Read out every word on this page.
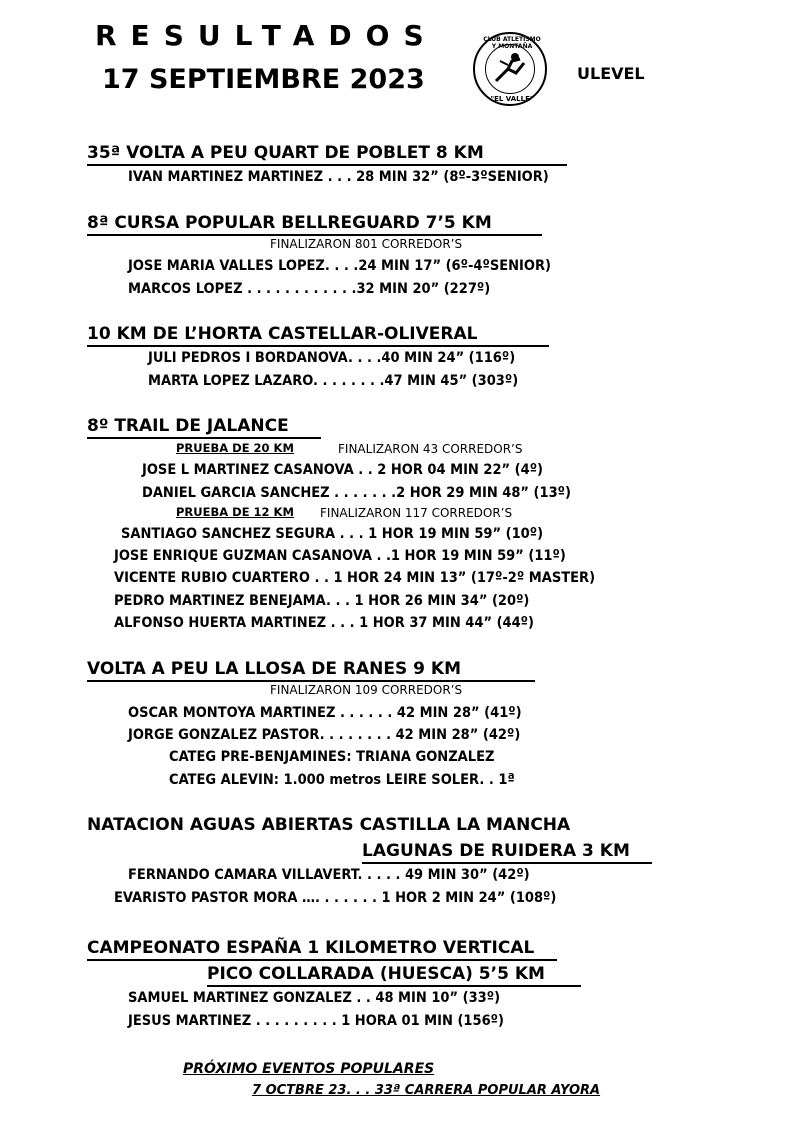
RESULTADOS
17 SEPTIEMBRE 2023
CLUB ATLETISMO Y MONTAÑA
"EL VALLE"
ULEVEL
35ª VOLTA A PEU QUART DE POBLET 8 KM
IVAN MARTINEZ MARTINEZ . . . 28 MIN 32” (8º-3ºSENIOR)
8ª CURSA POPULAR BELLREGUARD 7’5 KM
FINALIZARON 801 CORREDOR’S
JOSE MARIA VALLES LOPEZ. . . .24 MIN 17” (6º-4ºSENIOR)
MARCOS LOPEZ . . . . . . . . . . . .32 MIN 20” (227º)
10 KM DE L’HORTA CASTELLAR-OLIVERAL
JULI PEDROS I BORDANOVA. . . .40 MIN 24” (116º)
MARTA LOPEZ LAZARO. . . . . . . .47 MIN 45” (303º)
8º TRAIL DE JALANCE
PRUEBA DE 20 KM	FINALIZARON 43 CORREDOR’S
JOSE L MARTINEZ CASANOVA . . 2 HOR 04 MIN 22” (4º)
DANIEL GARCIA SANCHEZ . . . . . . .2 HOR 29 MIN 48” (13º)
PRUEBA DE 12 KM FINALIZARON 117 CORREDOR’S
SANTIAGO SANCHEZ SEGURA . . . 1 HOR 19 MIN 59” (10º)
JOSE ENRIQUE GUZMAN CASANOVA . .1 HOR 19 MIN 59” (11º)
VICENTE RUBIO CUARTERO . . 1 HOR 24 MIN 13” (17º-2º MASTER)
PEDRO MARTINEZ BENEJAMA. . . 1 HOR 26 MIN 34” (20º)
ALFONSO HUERTA MARTINEZ . . . 1 HOR 37 MIN 44” (44º)
VOLTA A PEU LA LLOSA DE RANES 9 KM
FINALIZARON 109 CORREDOR’S
OSCAR MONTOYA MARTINEZ . . . . . . 42 MIN 28” (41º)
JORGE GONZALEZ PASTOR. . . . . . . . 42 MIN 28” (42º)
CATEG PRE-BENJAMINES: TRIANA GONZALEZ
CATEG ALEVIN: 1.000 metros LEIRE SOLER. . 1ª
NATACION AGUAS ABIERTAS CASTILLA LA MANCHA
LAGUNAS DE RUIDERA 3 KM
FERNANDO CAMARA VILLAVERT. . . . . 49 MIN 30” (42º)
EVARISTO PASTOR MORA …. . . . . . . 1 HOR 2 MIN 24” (108º)
CAMPEONATO ESPAÑA 1 KILOMETRO VERTICAL
PICO COLLARADA (HUESCA) 5’5 KM
SAMUEL MARTINEZ GONZALEZ . . 48 MIN 10” (33º)
JESUS MARTINEZ . . . . . . . . . 1 HORA 01 MIN (156º)
PRÓXIMO EVENTOS POPULARES
7 OCTBRE 23. . . 33ª CARRERA POPULAR AYORA
